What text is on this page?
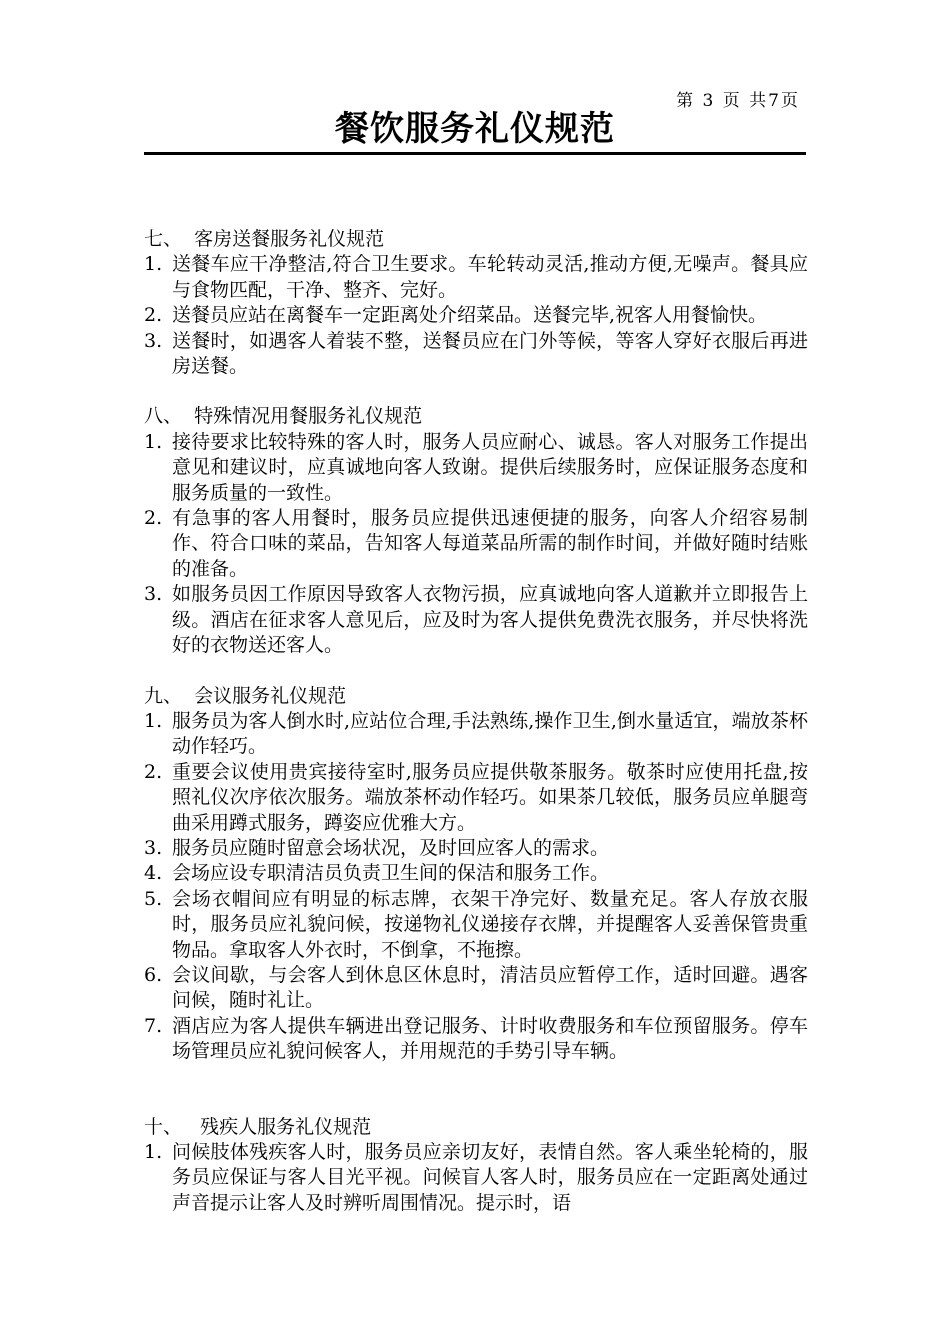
第 3 页 共7页
餐饮服务礼仪规范
七、  客房送餐服务礼仪规范
1. 送餐车应干净整洁,符合卫生要求。车轮转动灵活,推动方便,无噪声。餐具应与食物匹配，干净、整齐、完好。
2. 送餐员应站在离餐车一定距离处介绍菜品。送餐完毕,祝客人用餐愉快。
3. 送餐时，如遇客人着装不整，送餐员应在门外等候，等客人穿好衣服后再进房送餐。
八、  特殊情况用餐服务礼仪规范
1. 接待要求比较特殊的客人时，服务人员应耐心、诚恳。客人对服务工作提出意见和建议时，应真诚地向客人致谢。提供后续服务时，应保证服务态度和服务质量的一致性。
2. 有急事的客人用餐时，服务员应提供迅速便捷的服务，向客人介绍容易制作、符合口味的菜品，告知客人每道菜品所需的制作时间，并做好随时结账的准备。
3. 如服务员因工作原因导致客人衣物污损，应真诚地向客人道歉并立即报告上级。酒店在征求客人意见后，应及时为客人提供免费洗衣服务，并尽快将洗好的衣物送还客人。
九、  会议服务礼仪规范
1. 服务员为客人倒水时,应站位合理,手法熟练,操作卫生,倒水量适宜，端放茶杯动作轻巧。
2. 重要会议使用贵宾接待室时,服务员应提供敬茶服务。敬茶时应使用托盘,按照礼仪次序依次服务。端放茶杯动作轻巧。如果茶几较低，服务员应单腿弯曲采用蹲式服务，蹲姿应优雅大方。
3. 服务员应随时留意会场状况，及时回应客人的需求。
4. 会场应设专职清洁员负责卫生间的保洁和服务工作。
5. 会场衣帽间应有明显的标志牌，衣架干净完好、数量充足。客人存放衣服时，服务员应礼貌问候，按递物礼仪递接存衣牌，并提醒客人妥善保管贵重物品。拿取客人外衣时，不倒拿，不拖擦。
6. 会议间歇，与会客人到休息区休息时，清洁员应暂停工作，适时回避。遇客问候，随时礼让。
7. 酒店应为客人提供车辆进出登记服务、计时收费服务和车位预留服务。停车场管理员应礼貌问候客人，并用规范的手势引导车辆。
十、   残疾人服务礼仪规范
1. 问候肢体残疾客人时，服务员应亲切友好，表情自然。客人乘坐轮椅的，服务员应保证与客人目光平视。问候盲人客人时，服务员应在一定距离处通过声音提示让客人及时辨听周围情况。提示时，语
